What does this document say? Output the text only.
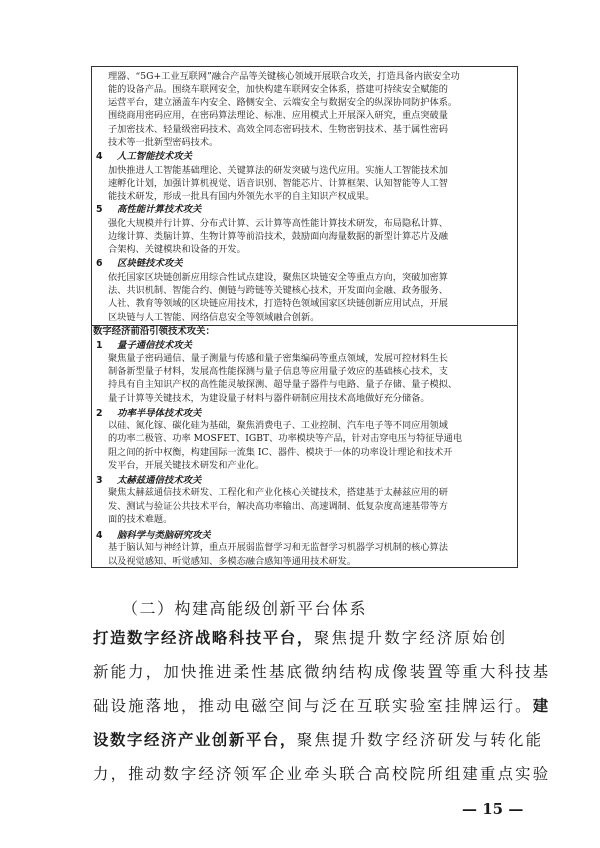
理器、“5G+工业互联网”融合产品等关键核心领域开展联合攻关，打造具备内嵌安全功
能的设备产品。围绕车联网安全，加快构建车联网安全体系，搭建可持续安全赋能的
运营平台，建立涵盖车内安全、路侧安全、云端安全与数据安全的纵深协同防护体系。
围绕商用密码应用，在密码算法理论、标准、应用模式上开展深入研究，重点突破量
子加密技术、轻量级密码技术、高效全同态密码技术、生物密钥技术、基于属性密码
技术等一批新型密码技术。
4 人工智能技术攻关
加快推进人工智能基础理论、关键算法的研发突破与迭代应用。实施人工智能技术加
速孵化计划，加强计算机视觉、语音识别、智能芯片、计算框架、认知智能等人工智
能技术研发，形成一批具有国内外领先水平的自主知识产权成果。
5 高性能计算技术攻关
强化大规模并行计算、分布式计算、云计算等高性能计算技术研发，布局隐私计算、
边缘计算、类脑计算、生物计算等前沿技术，鼓励面向海量数据的新型计算芯片及融
合架构、关键模块和设备的开发。
6 区块链技术攻关
依托国家区块链创新应用综合性试点建设，聚焦区块链安全等重点方向，突破加密算
法、共识机制、智能合约、侧链与跨链等关键核心技术，开发面向金融、政务服务、
人社、教育等领域的区块链应用技术，打造特色领域国家区块链创新应用试点，开展
数字经济前沿引领技术攻关：
1 量子通信技术攻关
聚焦量子密码通信、量子测量与传感和量子密集编码等重点领域，发展可控材料生长
制备新型量子材料，发展高性能探测与量子信息等应用量子效应的基础核心技术，支
持具有自主知识产权的高性能灵敏探测、超导量子器件与电路、量子存储、量子模拟、
量子计算等关键技术，为建设量子材料与器件研制应用技术高地做好充分储备。
2 功率半导体技术攻关
以硅、氮化镓、碳化硅为基础，聚焦消费电子、工业控制、汽车电子等不同应用领域
的功率二极管、功率 MOSFET、IGBT、功率模块等产品，针对击穿电压与特征导通电
阻之间的折中权衡，构建国际一流集 IC、器件、模块于一体的功率设计理论和技术开
发平台，开展关键技术研发和产业化。
3 太赫兹通信技术攻关
聚焦太赫兹通信技术研发、工程化和产业化核心关键技术，搭建基于太赫兹应用的研
发、测试与验证公共技术平台，解决高功率输出、高速调制、低复杂度高速基带等方
面的技术难题。
（二）构建高能级创新平台体系
打造数字经济战略科技平台，聚焦提升数字经济原始创
新能力，加快推进柔性基底微纳结构成像装置等重大科技基
础设施落地，推动电磁空间与泛在互联实验室挂牌运行。建
设数字经济产业创新平台，聚焦提升数字经济研发与转化能
力，推动数字经济领军企业牵头联合高校院所组建重点实验
— 15 —
区块链与人工智能、网络信息安全等领域融合创新。
4 脑科学与类脑研究攻关
基于脑认知与神经计算，重点开展弱监督学习和无监督学习机器学习机制的核心算法
以及视觉感知、听觉感知、多模态融合感知等通用技术研发。
